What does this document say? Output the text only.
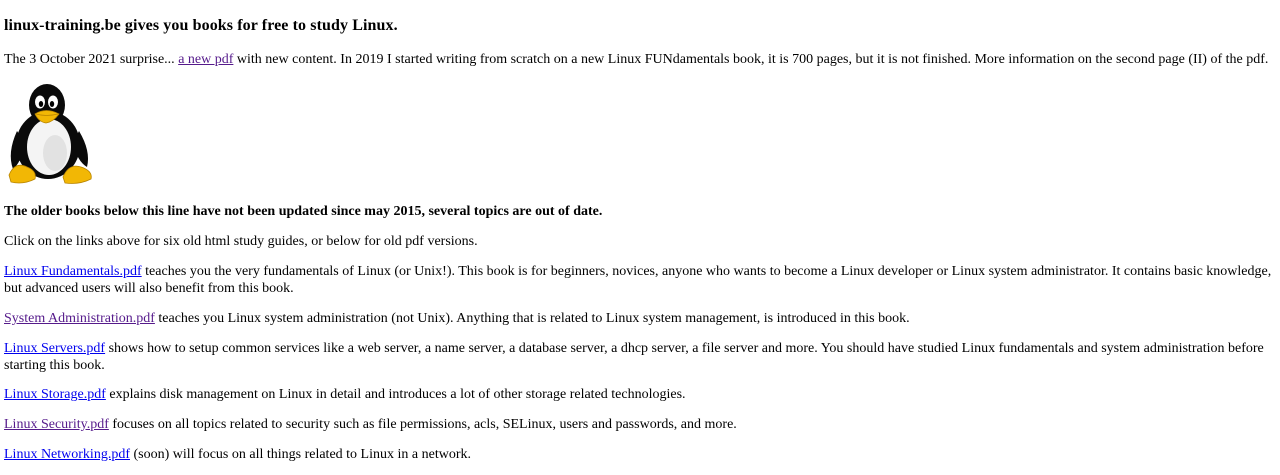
linux-training.be gives you books for free to study Linux.

The 3 October 2021 surprise... a new pdf with new content. In 2019 I started writing from scratch on a new Linux FUNdamentals book, it is 700 pages, but it is not finished. More information on the second page (II) of the pdf.

The older books below this line have not been updated since may 2015, several topics are out of date.

Click on the links above for six old html study guides, or below for old pdf versions.

Linux Fundamentals.pdf teaches you the very fundamentals of Linux (or Unix!). This book is for beginners, novices, anyone who wants to become a Linux developer or Linux system administrator. It contains basic knowledge, but advanced users will also benefit from this book.

System Administration.pdf teaches you Linux system administration (not Unix). Anything that is related to Linux system management, is introduced in this book.

Linux Servers.pdf shows how to setup common services like a web server, a name server, a database server, a dhcp server, a file server and more. You should have studied Linux fundamentals and system administration before starting this book.

Linux Storage.pdf explains disk management on Linux in detail and introduces a lot of other storage related technologies.

Linux Security.pdf focuses on all topics related to security such as file permissions, acls, SELinux, users and passwords, and more.

Linux Networking.pdf (soon) will focus on all things related to Linux in a network.
